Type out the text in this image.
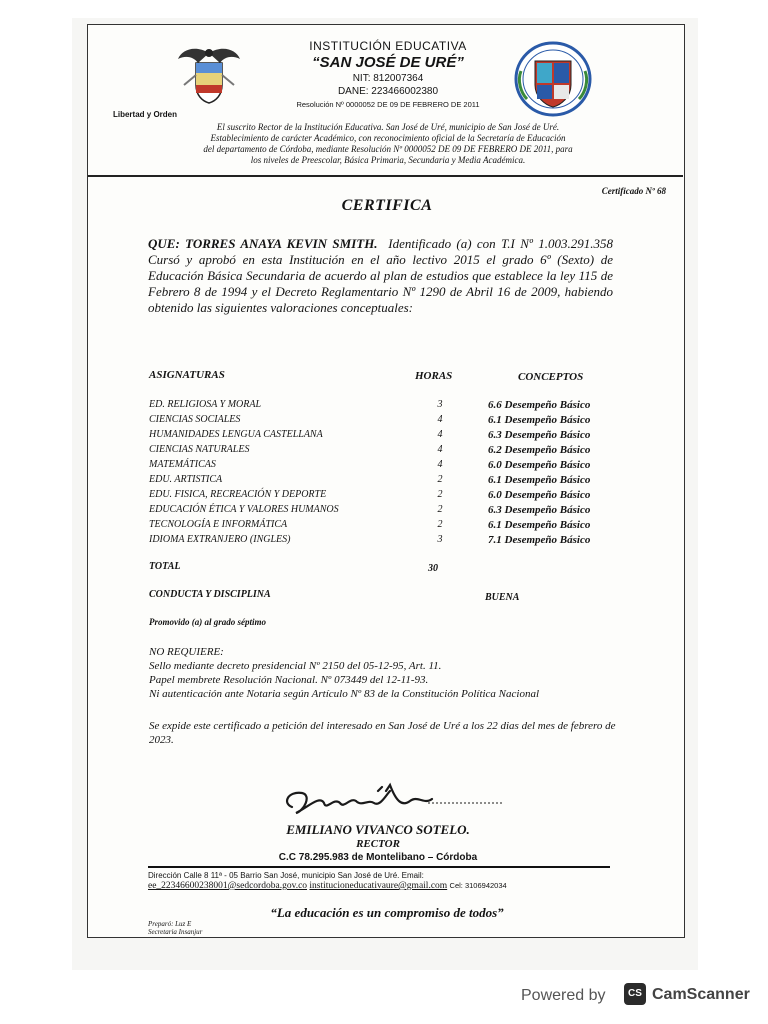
Libertad y Orden
INSTITUCIÓN EDUCATIVA
“SAN JOSÉ DE URÉ”
NIT: 812007364
DANE: 223466002380
Resolución Nº 0000052 DE 09 DE FEBRERO DE 2011
El suscrito Rector de la Institución Educativa. San José de Uré, municipio de San José de Uré.
Establecimiento de carácter Académico, con reconocimiento oficial de la Secretaría de Educación
del departamento de Córdoba, mediante Resolución Nº 0000052 DE 09 DE FEBRERO DE 2011, para
los niveles de Preescolar, Básica Primaria, Secundaria y Media Académica.
Certificado Nº 68
CERTIFICA
QUE: TORRES ANAYA KEVIN SMITH. Identificado (a) con T.I Nº 1.003.291.358 Cursó y aprobó en esta Institución en el año lectivo 2015 el grado 6º (Sexto) de Educación Básica Secundaria de acuerdo al plan de estudios que establece la ley 115 de Febrero 8 de 1994 y el Decreto Reglamentario Nº 1290 de Abril 16 de 2009, habiendo obtenido las siguientes valoraciones conceptuales:
ASIGNATURAS	HORAS	CONCEPTOS
ED. RELIGIOSA Y MORAL	3	6.6 Desempeño Básico
CIENCIAS SOCIALES	4	6.1 Desempeño Básico
HUMANIDADES LENGUA CASTELLANA	4	6.3 Desempeño Básico
CIENCIAS NATURALES	4	6.2 Desempeño Básico
MATEMÁTICAS	4	6.0 Desempeño Básico
EDU. ARTISTICA	2	6.1 Desempeño Básico
EDU. FISICA, RECREACIÓN Y DEPORTE	2	6.0 Desempeño Básico
EDUCACIÓN ÉTICA Y VALORES HUMANOS	2	6.3 Desempeño Básico
TECNOLOGÍA E INFORMÁTICA	2	6.1 Desempeño Básico
IDIOMA EXTRANJERO (INGLES)	3	7.1 Desempeño Básico
TOTAL	30
CONDUCTA Y DISCIPLINA	BUENA
Promovido (a) al grado séptimo
NO REQUIERE:
Sello mediante decreto presidencial Nº 2150 del 05-12-95, Art. 11.
Papel membrete Resolución Nacional. Nº 073449 del 12-11-93.
Ni autenticación ante Notaria según Artículo Nº 83 de la Constitución Política Nacional
Se expide este certificado a petición del interesado en San José de Uré a los 22 dias del mes de febrero de 2023.
EMILIANO VIVANCO SOTELO.
RECTOR
C.C 78.295.983 de Montelibano – Córdoba
Dirección Calle 8 11ª - 05 Barrio San José, municipio San José de Uré. Email:
ee_22346600238001@sedcordoba.gov.co institucioneducativaure@gmail.com Cel: 3106942034
“La educación es un compromiso de todos”
Preparó: Luz E
Secretaria Insanjur
Powered by	CS CamScanner
